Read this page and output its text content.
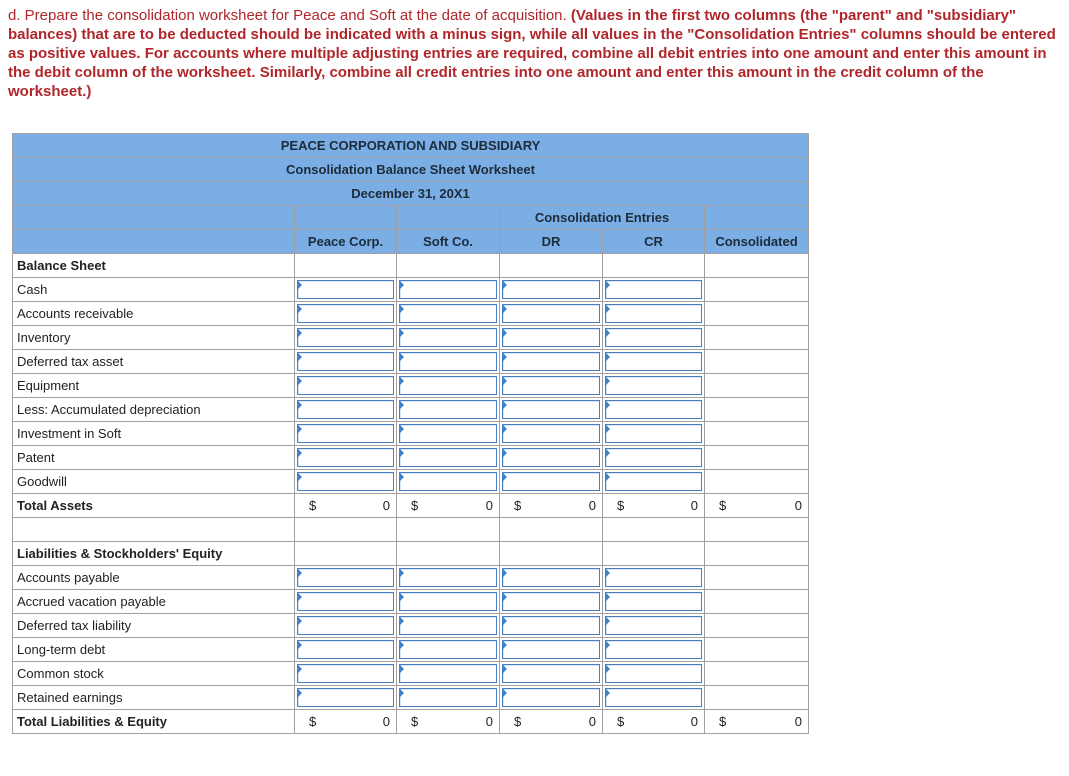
d. Prepare the consolidation worksheet for Peace and Soft at the date of acquisition. (Values in the first two columns (the "parent" and "subsidiary" balances) that are to be deducted should be indicated with a minus sign, while all values in the "Consolidation Entries" columns should be entered as positive values. For accounts where multiple adjusting entries are required, combine all debit entries into one amount and enter this amount in the debit column of the worksheet. Similarly, combine all credit entries into one amount and enter this amount in the credit column of the worksheet.)
PEACE CORPORATION AND SUBSIDIARY					
Consolidation Balance Sheet Worksheet					
December 31, 20X1					
			Consolidation Entries		
	Peace Corp.	Soft Co.	DR	CR	Consolidated
Balance Sheet					
Cash	

Accounts receivable	

Inventory	

Deferred tax asset	

Equipment	

Less: Accumulated depreciation	

Investment in Soft	

Patent	

Goodwill	

Total Assets	$ 0	$ 0	$ 0	$ 0	$ 0

Liabilities & Stockholders' Equity					
Accounts payable	

Accrued vacation payable	

Deferred tax liability	

Long-term debt	

Common stock	

Retained earnings	

Total Liabilities & Equity	$ 0	$ 0	$ 0	$ 0	$ 0
